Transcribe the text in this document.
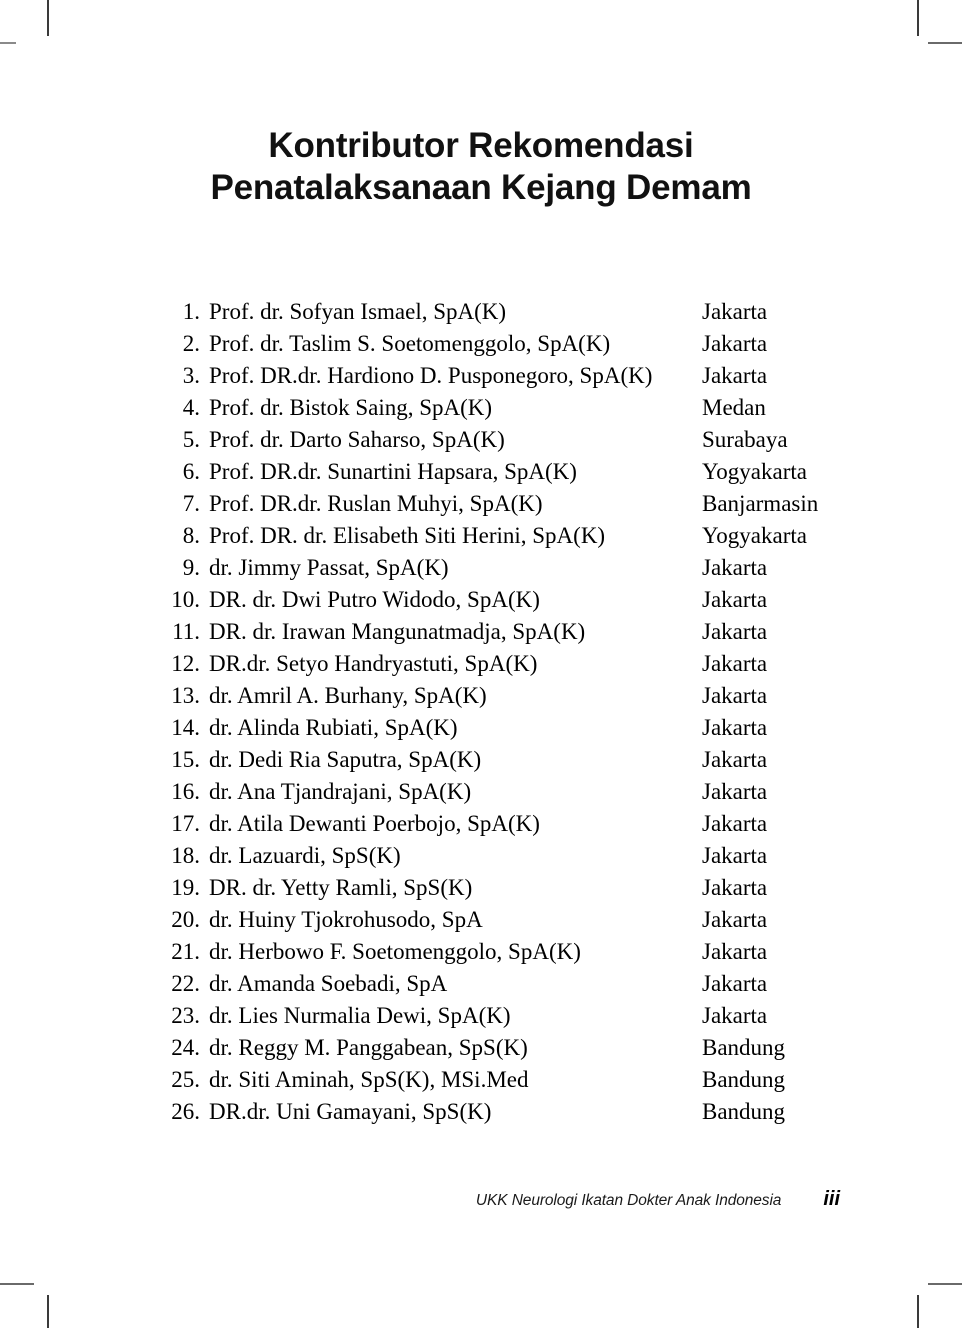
Kontributor Rekomendasi
Penatalaksanaan Kejang Demam
1. Prof. dr. Sofyan Ismael, SpA(K)	Jakarta
2. Prof. dr. Taslim S. Soetomenggolo, SpA(K)	Jakarta
3. Prof. DR.dr. Hardiono D. Pusponegoro, SpA(K)	Jakarta
4. Prof. dr. Bistok Saing, SpA(K)	Medan
5. Prof. dr. Darto Saharso, SpA(K)	Surabaya
6. Prof. DR.dr. Sunartini Hapsara, SpA(K)	Yogyakarta
7. Prof. DR.dr. Ruslan Muhyi, SpA(K)	Banjarmasin
8. Prof. DR. dr. Elisabeth Siti Herini, SpA(K)	Yogyakarta
9. dr. Jimmy Passat, SpA(K)	Jakarta
10. DR. dr. Dwi Putro Widodo, SpA(K)	Jakarta
11. DR. dr. Irawan Mangunatmadja, SpA(K)	Jakarta
12. DR.dr. Setyo Handryastuti, SpA(K)	Jakarta
13. dr. Amril A. Burhany, SpA(K)	Jakarta
14. dr. Alinda Rubiati, SpA(K)	Jakarta
15. dr. Dedi Ria Saputra, SpA(K)	Jakarta
16. dr. Ana Tjandrajani, SpA(K)	Jakarta
17. dr. Atila Dewanti Poerbojo, SpA(K)	Jakarta
18. dr. Lazuardi, SpS(K)	Jakarta
19. DR. dr. Yetty Ramli, SpS(K)	Jakarta
20. dr. Huiny Tjokrohusodo, SpA	Jakarta
21. dr. Herbowo F. Soetomenggolo, SpA(K)	Jakarta
22. dr. Amanda Soebadi, SpA	Jakarta
23. dr. Lies Nurmalia Dewi, SpA(K)	Jakarta
24. dr. Reggy M. Panggabean, SpS(K)	Bandung
25. dr. Siti Aminah, SpS(K), MSi.Med	Bandung
26. DR.dr. Uni Gamayani, SpS(K)	Bandung
UKK Neurologi Ikatan Dokter Anak Indonesia iii
